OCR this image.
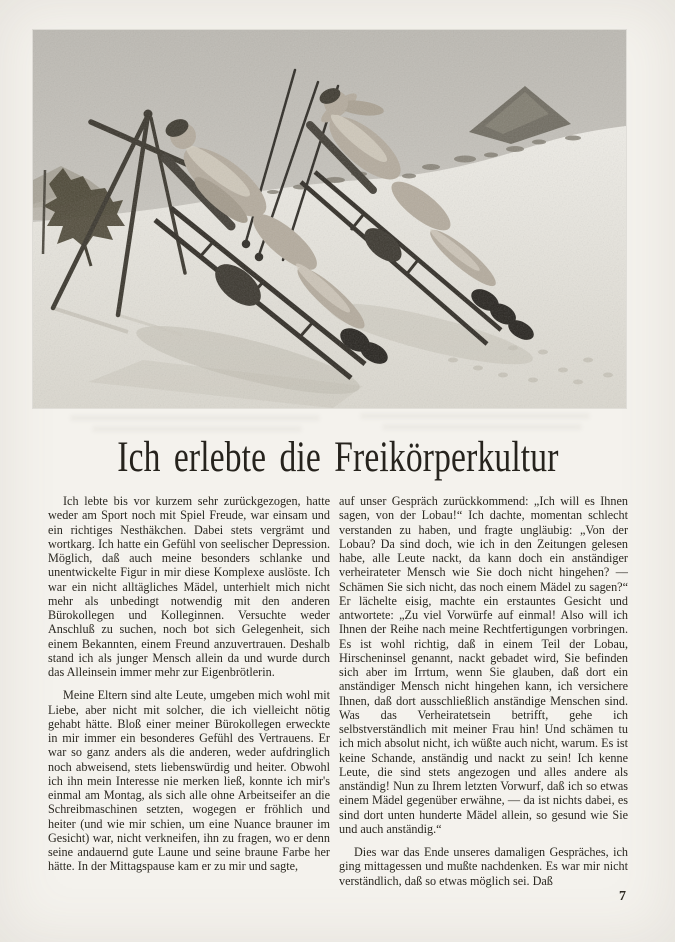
Ich erlebte die Freikörperkultur

Ich lebte bis vor kurzem sehr zurückgezogen, hatte weder am Sport noch mit Spiel Freude, war einsam und ein richtiges Nesthäkchen. Dabei stets vergrämt und wortkarg. Ich hatte ein Gefühl von seelischer Depression. Möglich, daß auch meine besonders schlanke und unentwickelte Figur in mir diese Komplexe auslöste. Ich war ein nicht alltägliches Mädel, unterhielt mich nicht mehr als unbedingt notwendig mit den anderen Bürokollegen und Kolleginnen. Versuchte weder Anschluß zu suchen, noch bot sich Gelegenheit, sich einem Bekannten, einem Freund anzuvertrauen. Deshalb stand ich als junger Mensch allein da und wurde durch das Alleinsein immer mehr zur Eigenbrötlerin.

Meine Eltern sind alte Leute, umgeben mich wohl mit Liebe, aber nicht mit solcher, die ich vielleicht nötig gehabt hätte. Bloß einer meiner Bürokollegen erweckte in mir immer ein besonderes Gefühl des Vertrauens. Er war so ganz anders als die anderen, weder aufdringlich noch abweisend, stets liebenswürdig und heiter. Obwohl ich ihn mein Interesse nie merken ließ, konnte ich mir's einmal am Montag, als sich alle ohne Arbeitseifer an die Schreibmaschinen setzten, wogegen er fröhlich und heiter (und wie mir schien, um eine Nuance brauner im Gesicht) war, nicht verkneifen, ihn zu fragen, wo er denn seine andauernd gute Laune und seine braune Farbe her hätte. In der Mittagspause kam er zu mir und sagte,

auf unser Gespräch zurückkommend: „Ich will es Ihnen sagen, von der Lobau!“ Ich dachte, momentan schlecht verstanden zu haben, und fragte ungläubig: „Von der Lobau? Da sind doch, wie ich in den Zeitungen gelesen habe, alle Leute nackt, da kann doch ein anständiger verheirateter Mensch wie Sie doch nicht hingehen? — Schämen Sie sich nicht, das noch einem Mädel zu sagen?“ Er lächelte eisig, machte ein erstauntes Gesicht und antwortete: „Zu viel Vorwürfe auf einmal! Also will ich Ihnen der Reihe nach meine Rechtfertigungen vorbringen. Es ist wohl richtig, daß in einem Teil der Lobau, Hirscheninsel genannt, nackt gebadet wird, Sie befinden sich aber im Irrtum, wenn Sie glauben, daß dort ein anständiger Mensch nicht hingehen kann, ich versichere Ihnen, daß dort ausschließlich anständige Menschen sind. Was das Verheiratetsein betrifft, gehe ich selbstverständlich mit meiner Frau hin! Und schämen tu ich mich absolut nicht, ich wüßte auch nicht, warum. Es ist keine Schande, anständig und nackt zu sein! Ich kenne Leute, die sind stets angezogen und alles andere als anständig! Nun zu Ihrem letzten Vorwurf, daß ich so etwas einem Mädel gegenüber erwähne, — da ist nichts dabei, es sind dort unten hunderte Mädel allein, so gesund wie Sie und auch anständig.“

Dies war das Ende unseres damaligen Gespräches, ich ging mittagessen und mußte nachdenken. Es war mir nicht verständlich, daß so etwas möglich sei. Daß

7
